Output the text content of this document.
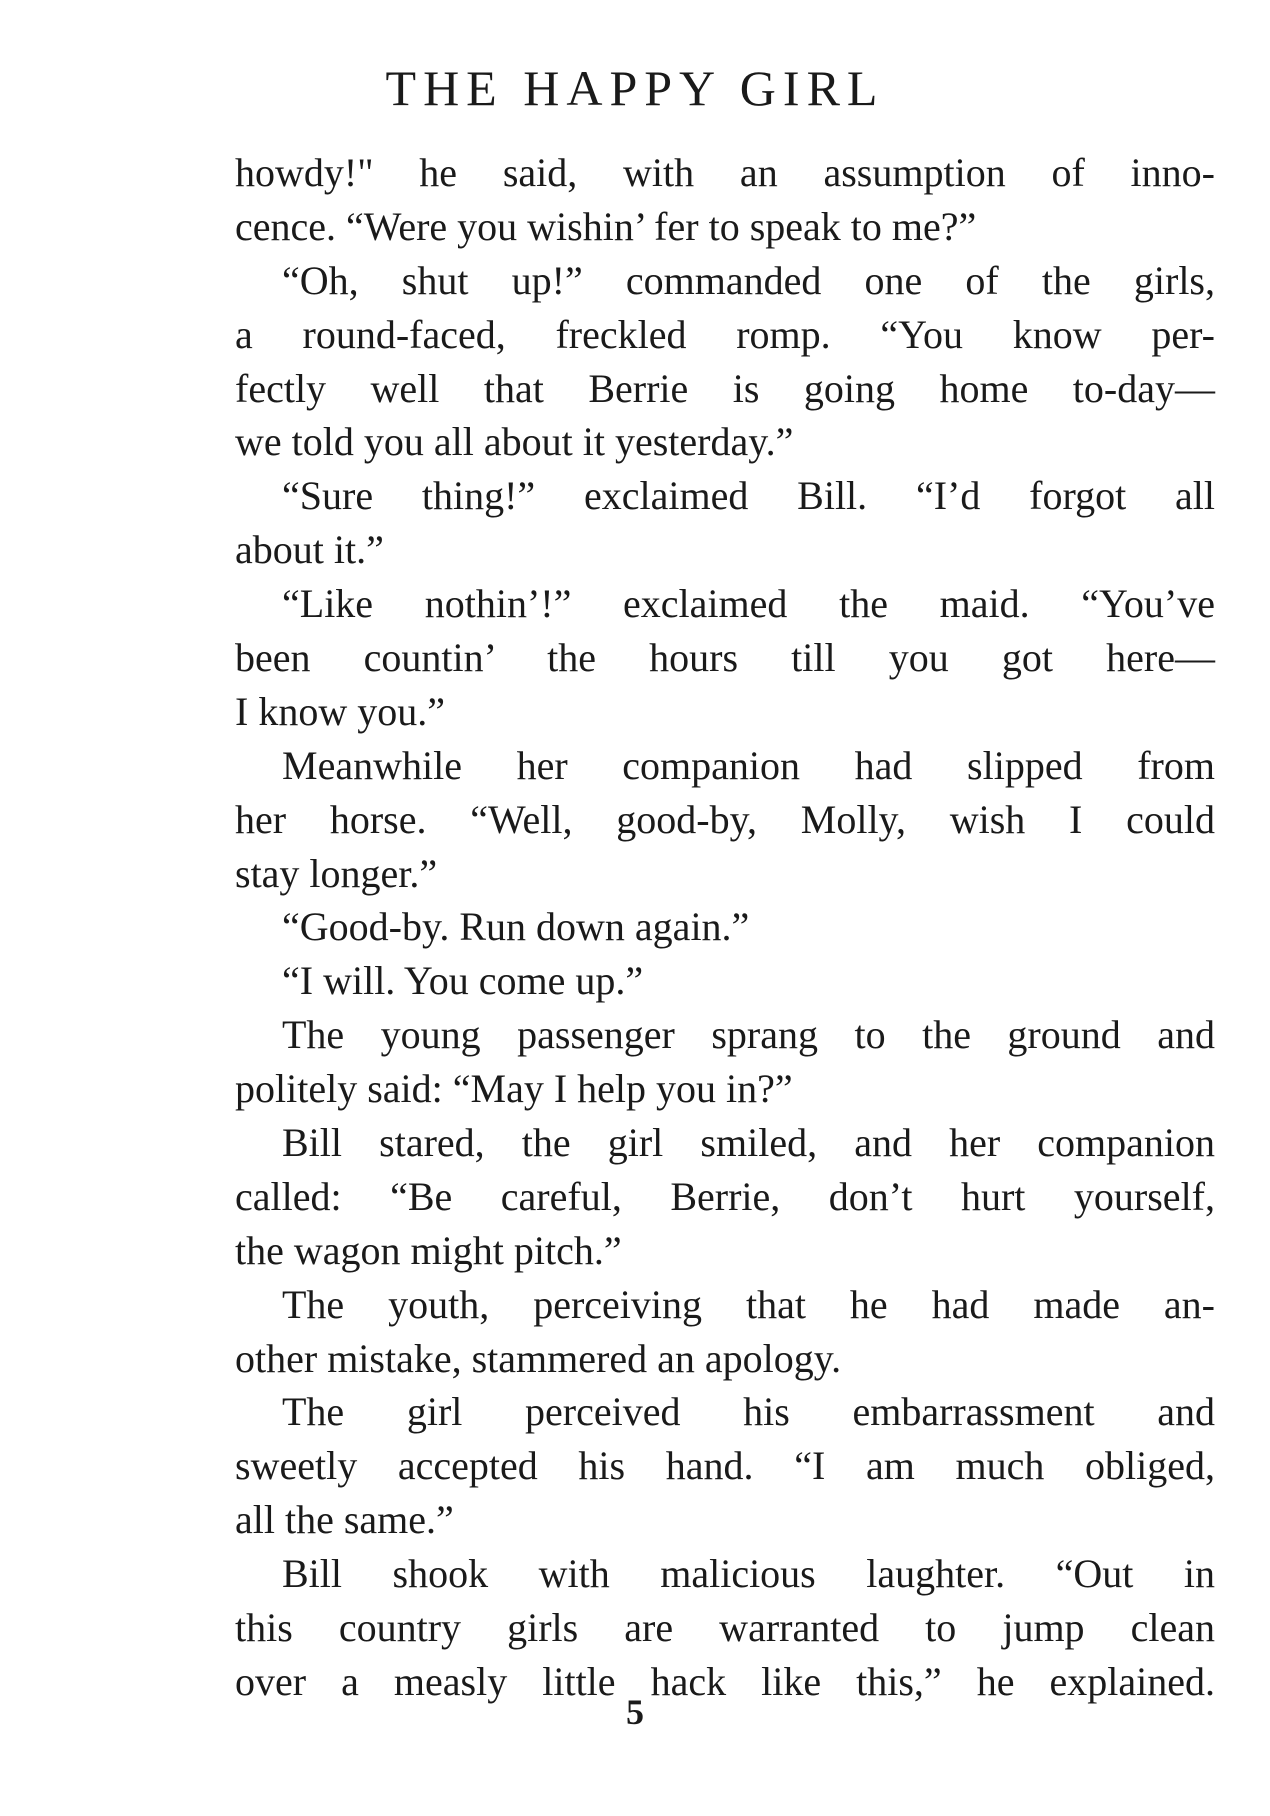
THE HAPPY GIRL
howdy!" he said, with an assumption of inno-
cence. “Were you wishin’ fer to speak to me?”
“Oh, shut up!” commanded one of the girls,
a round-faced, freckled romp. “You know per-
fectly well that Berrie is going home to-day—
we told you all about it yesterday.”
“Sure thing!” exclaimed Bill. “I’d forgot all
about it.”
“Like nothin’!” exclaimed the maid. “You’ve
been countin’ the hours till you got here—
I know you.”
Meanwhile her companion had slipped from
her horse. “Well, good-by, Molly, wish I could
stay longer.”
“Good-by. Run down again.”
“I will. You come up.”
The young passenger sprang to the ground and
politely said: “May I help you in?”
Bill stared, the girl smiled, and her companion
called: “Be careful, Berrie, don’t hurt yourself,
the wagon might pitch.”
The youth, perceiving that he had made an-
other mistake, stammered an apology.
The girl perceived his embarrassment and
sweetly accepted his hand. “I am much obliged,
all the same.”
Bill shook with malicious laughter. “Out in
this country girls are warranted to jump clean
over a measly little hack like this,” he explained.
5
